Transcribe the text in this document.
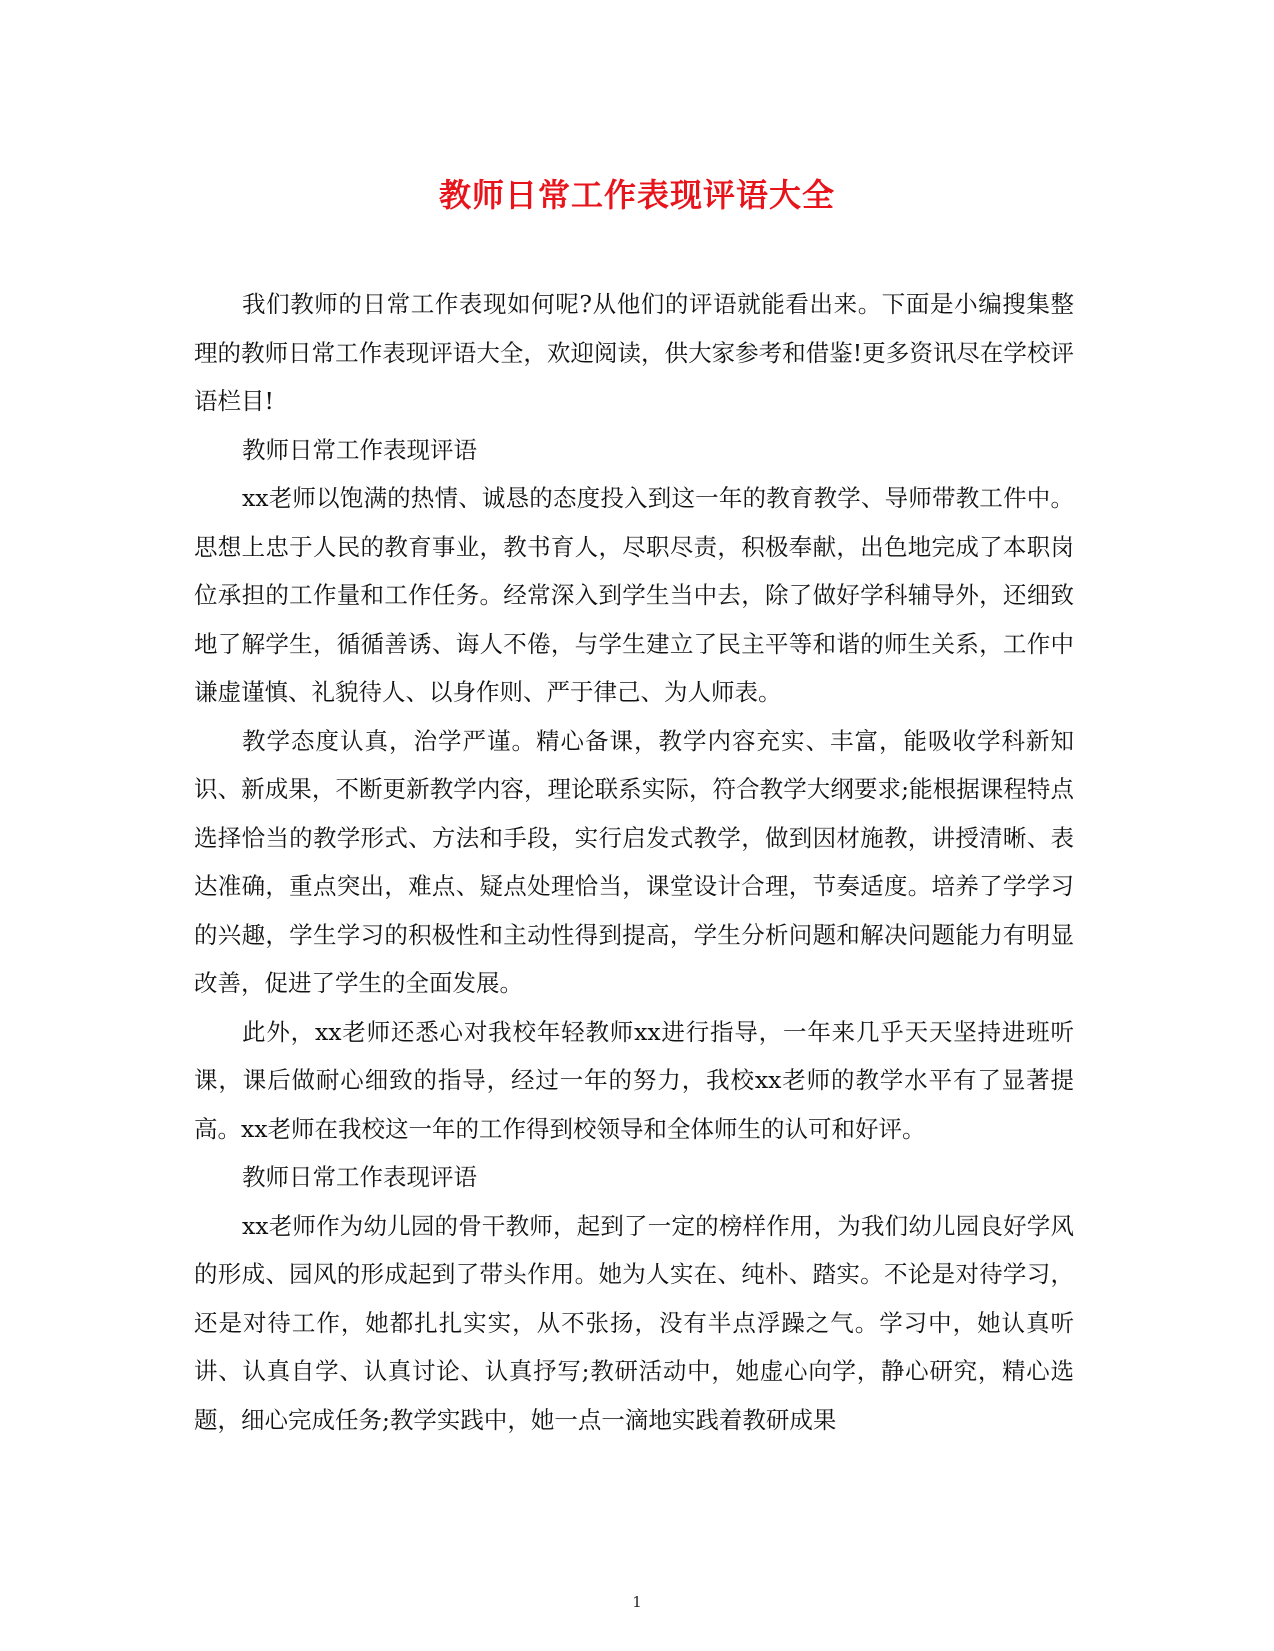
教师日常工作表现评语大全

我们教师的日常工作表现如何呢?从他们的评语就能看出来。下面是小编搜集整理的教师日常工作表现评语大全，欢迎阅读，供大家参考和借鉴!更多资讯尽在学校评语栏目!

教师日常工作表现评语

xx老师以饱满的热情、诚恳的态度投入到这一年的教育教学、导师带教工件中。思想上忠于人民的教育事业，教书育人，尽职尽责，积极奉献，出色地完成了本职岗位承担的工作量和工作任务。经常深入到学生当中去，除了做好学科辅导外，还细致地了解学生，循循善诱、诲人不倦，与学生建立了民主平等和谐的师生关系，工作中谦虚谨慎、礼貌待人、以身作则、严于律己、为人师表。

教学态度认真，治学严谨。精心备课，教学内容充实、丰富，能吸收学科新知识、新成果，不断更新教学内容，理论联系实际，符合教学大纲要求;能根据课程特点选择恰当的教学形式、方法和手段，实行启发式教学，做到因材施教，讲授清晰、表达准确，重点突出，难点、疑点处理恰当，课堂设计合理，节奏适度。培养了学学习的兴趣，学生学习的积极性和主动性得到提高，学生分析问题和解决问题能力有明显改善，促进了学生的全面发展。

此外，xx老师还悉心对我校年轻教师xx进行指导，一年来几乎天天坚持进班听课，课后做耐心细致的指导，经过一年的努力，我校xx老师的教学水平有了显著提高。xx老师在我校这一年的工作得到校领导和全体师生的认可和好评。

教师日常工作表现评语

xx老师作为幼儿园的骨干教师，起到了一定的榜样作用，为我们幼儿园良好学风的形成、园风的形成起到了带头作用。她为人实在、纯朴、踏实。不论是对待学习，还是对待工作，她都扎扎实实，从不张扬，没有半点浮躁之气。学习中，她认真听讲、认真自学、认真讨论、认真抒写;教研活动中，她虚心向学，静心研究，精心选题，细心完成任务;教学实践中，她一点一滴地实践着教研成果

1
